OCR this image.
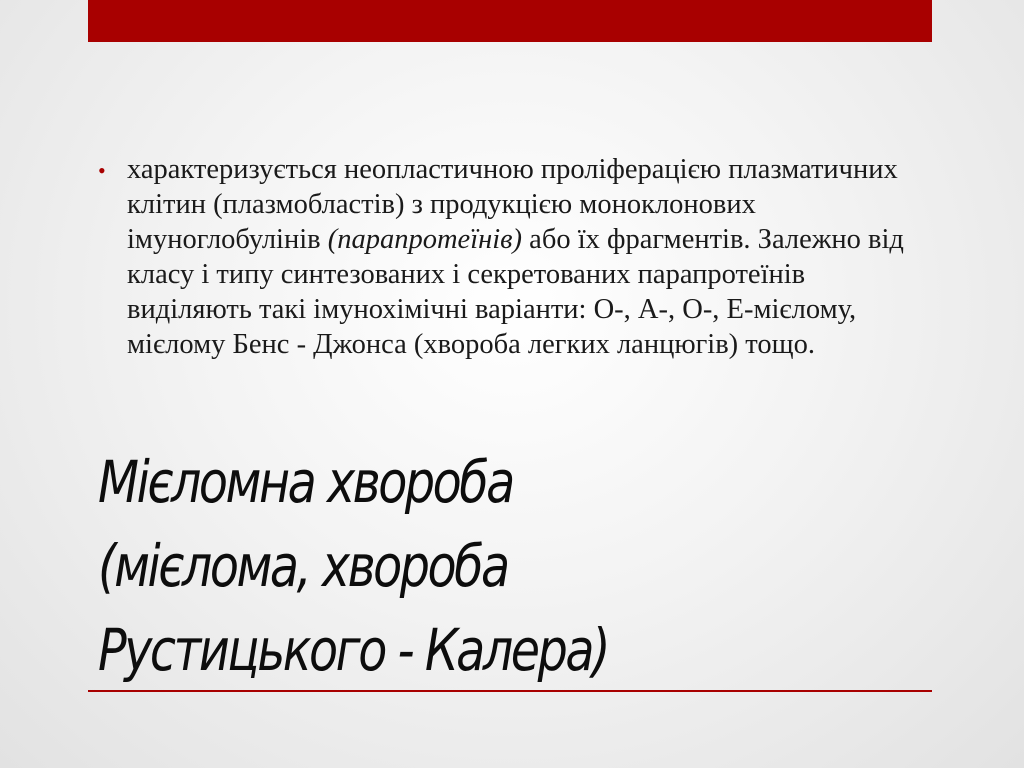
• характеризується неопластичною проліферацією плазматичних клітин (плазмобластів) з продукцією моноклонових імуноглобулінів (парапротеїнів) або їх фрагментів. Залежно від класу і типу синтезованих і секретованих парапротеїнів виділяють такі імунохімічні варіанти: О-, А-, О-, Е-мієлому, мієлому Бенс - Джонса (хвороба легких ланцюгів) тощо.
Мієломна хвороба
(мієлома, хвороба
Рустицького - Калера)
